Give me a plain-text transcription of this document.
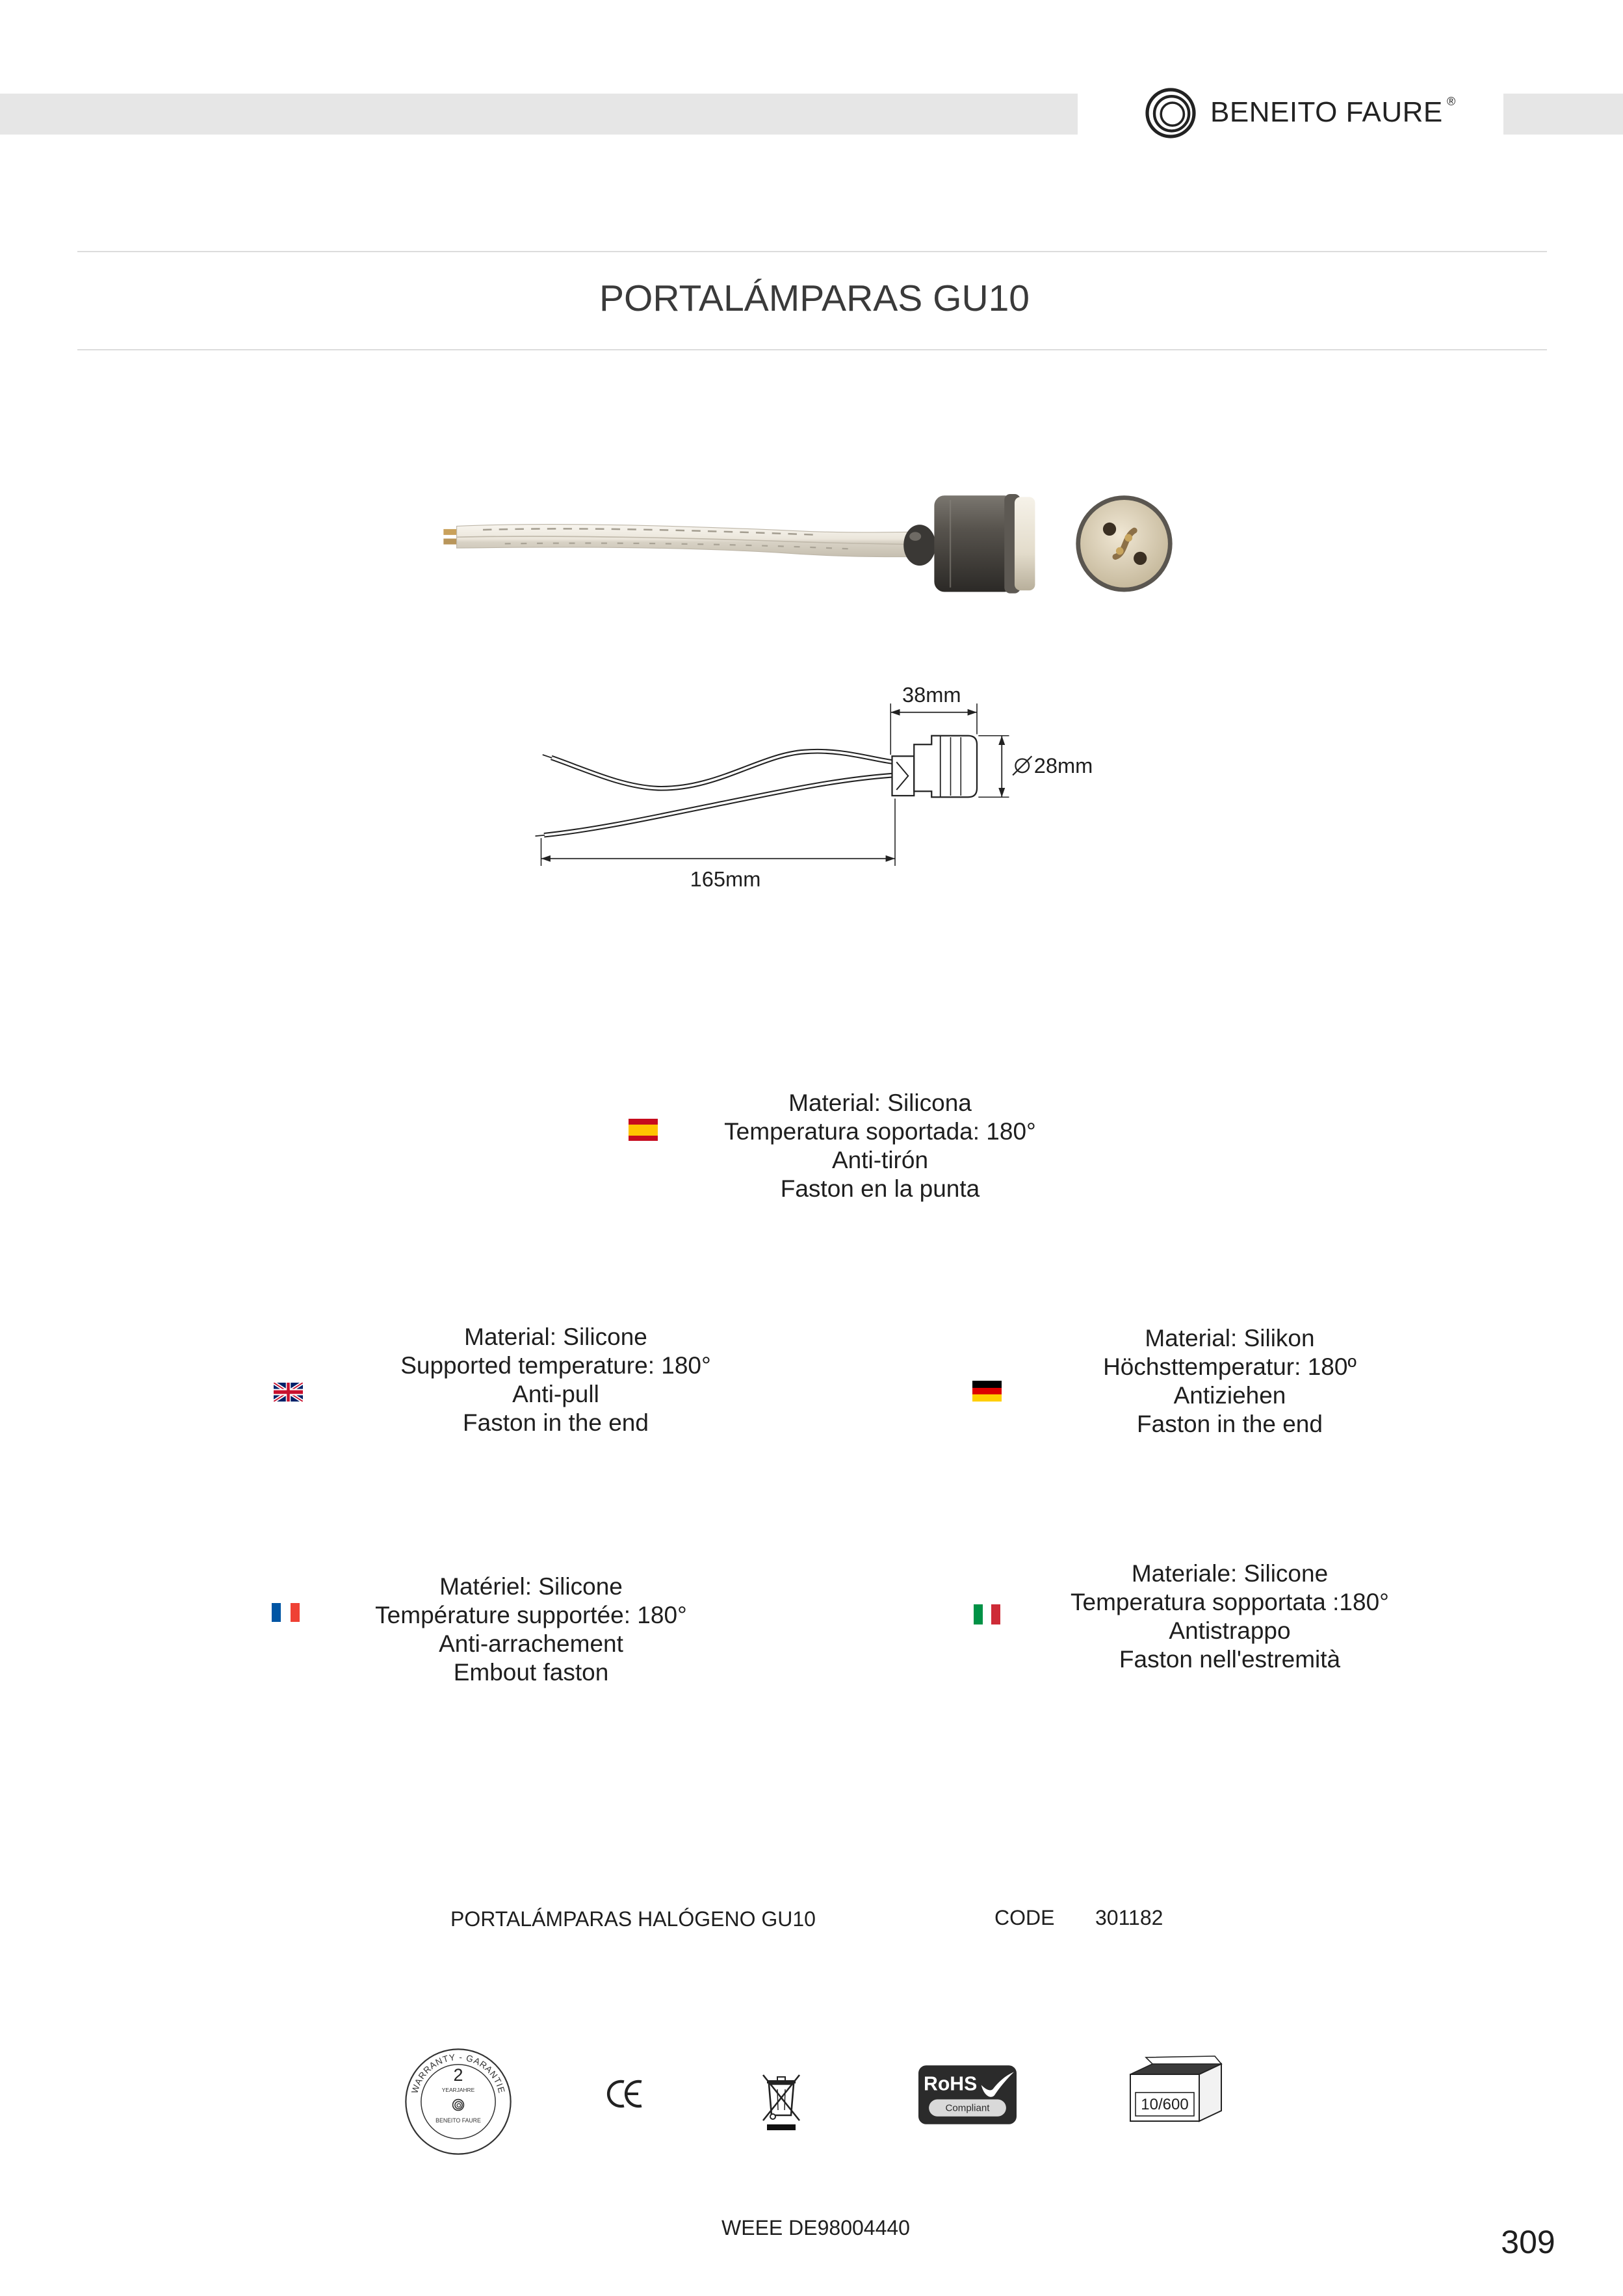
BENEITO FAURE ®
PORTALÁMPARAS GU10
38mm
28mm
165mm
Material: Silicona
Temperatura soportada: 180°
Anti-tirón
Faston en la punta
Material: Silicone
Supported temperature: 180°
Anti-pull
Faston in the end
Material: Silikon
Höchsttemperatur: 180º
Antiziehen
Faston in the end
Matériel: Silicone
Température supportée: 180°
Anti-arrachement
Embout faston
Materiale: Silicone
Temperatura sopportata :180°
Antistrappo
Faston nell'estremità
PORTALÁMPARAS HALÓGENO GU10	CODE 301182
WARRANTY - GARANTIE
2
YEAR JAHRE
BENEITO FAURE
RoHS
Compliant	10/600
WEEE DE98004440	309
